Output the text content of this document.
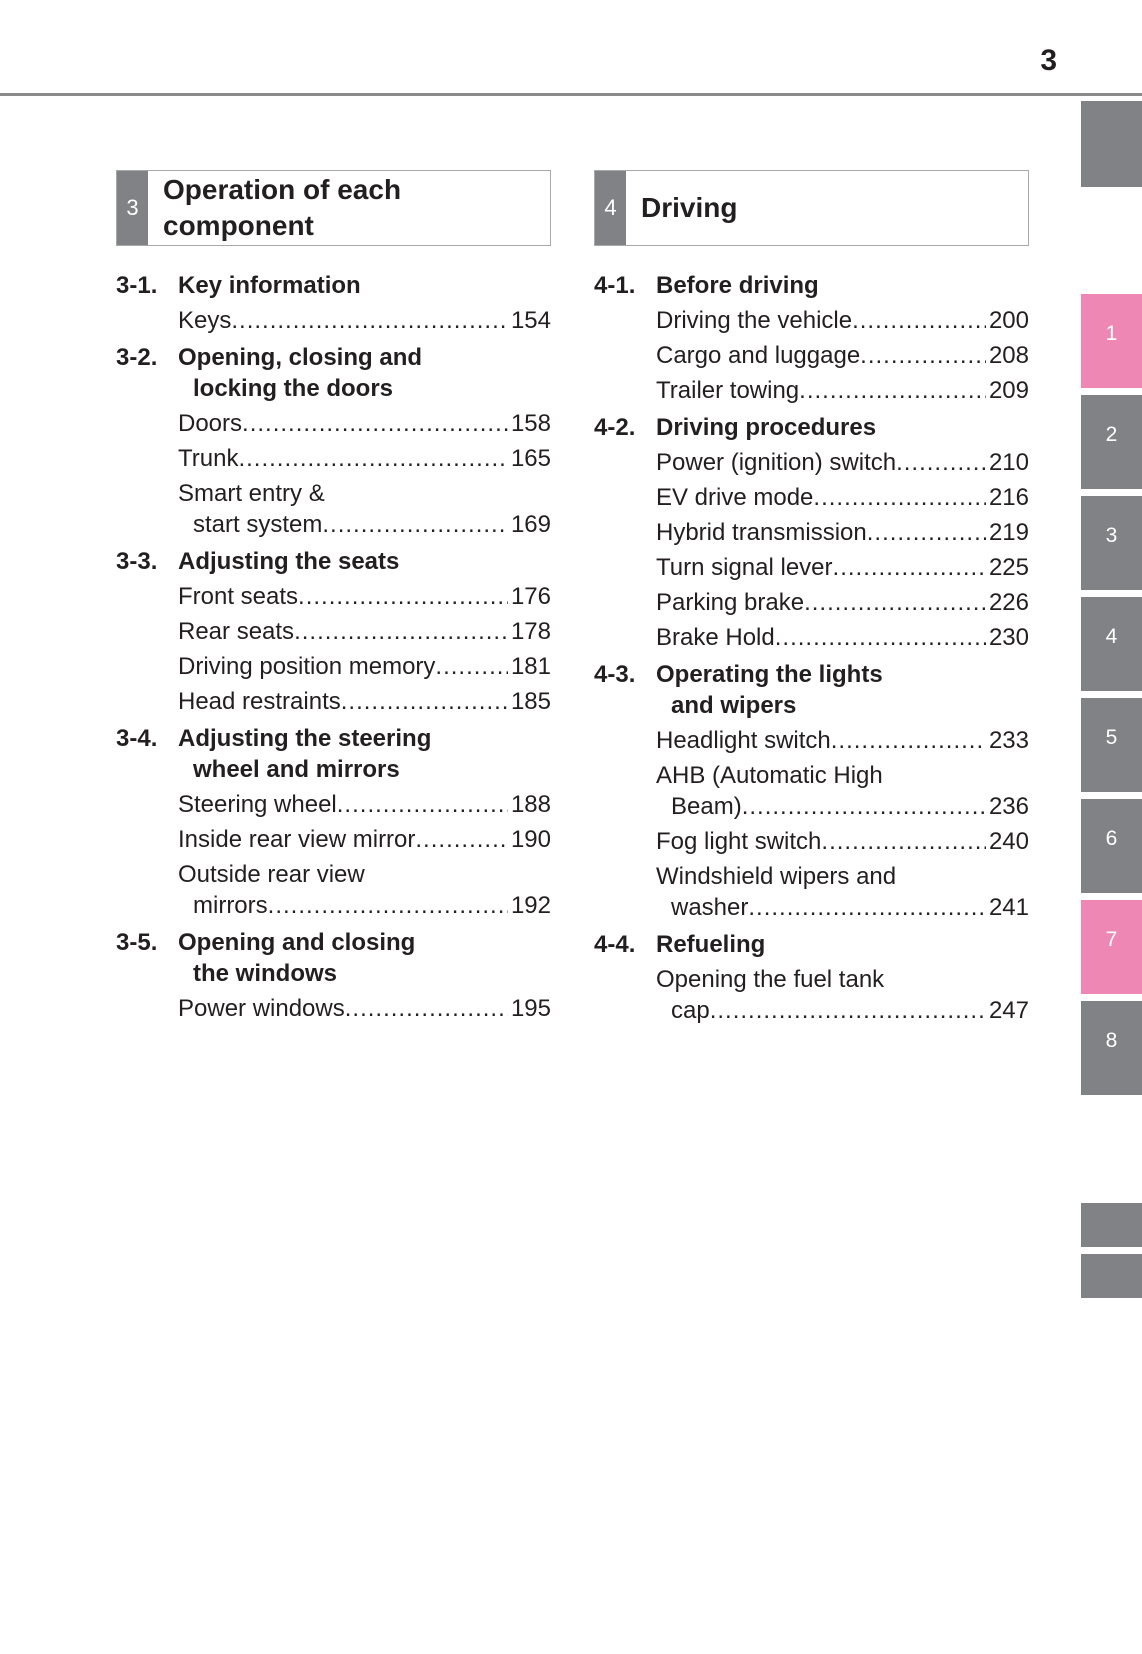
3
1
2
3
4
5
6
7
8
3
Operation of each
component
3-1. Key information
Keys .....	154
3-2. Opening, closing and
locking the doors
Doors .....	158
Trunk .....	165
Smart entry &
start system .....	169
3-3. Adjusting the seats
Front seats .....	176
Rear seats .....	178
Driving position memory .....	181
Head restraints .....	185
3-4. Adjusting the steering
wheel and mirrors
Steering wheel .....	188
Inside rear view mirror .....	190
Outside rear view
mirrors .....	192
3-5. Opening and closing
the windows
Power windows .....	195
4 Driving
4-1. Before driving
Driving the vehicle .....	200
Cargo and luggage .....	208
Trailer towing .....	209
4-2. Driving procedures
Power (ignition) switch .....	210
EV drive mode .....	216
Hybrid transmission .....	219
Turn signal lever .....	225
Parking brake .....	226
Brake Hold .....	230
4-3. Operating the lights
and wipers
Headlight switch .....	233
AHB (Automatic High
Beam) .....	236
Fog light switch .....	240
Windshield wipers and
washer .....	241
4-4. Refueling
Opening the fuel tank
cap .....	247
